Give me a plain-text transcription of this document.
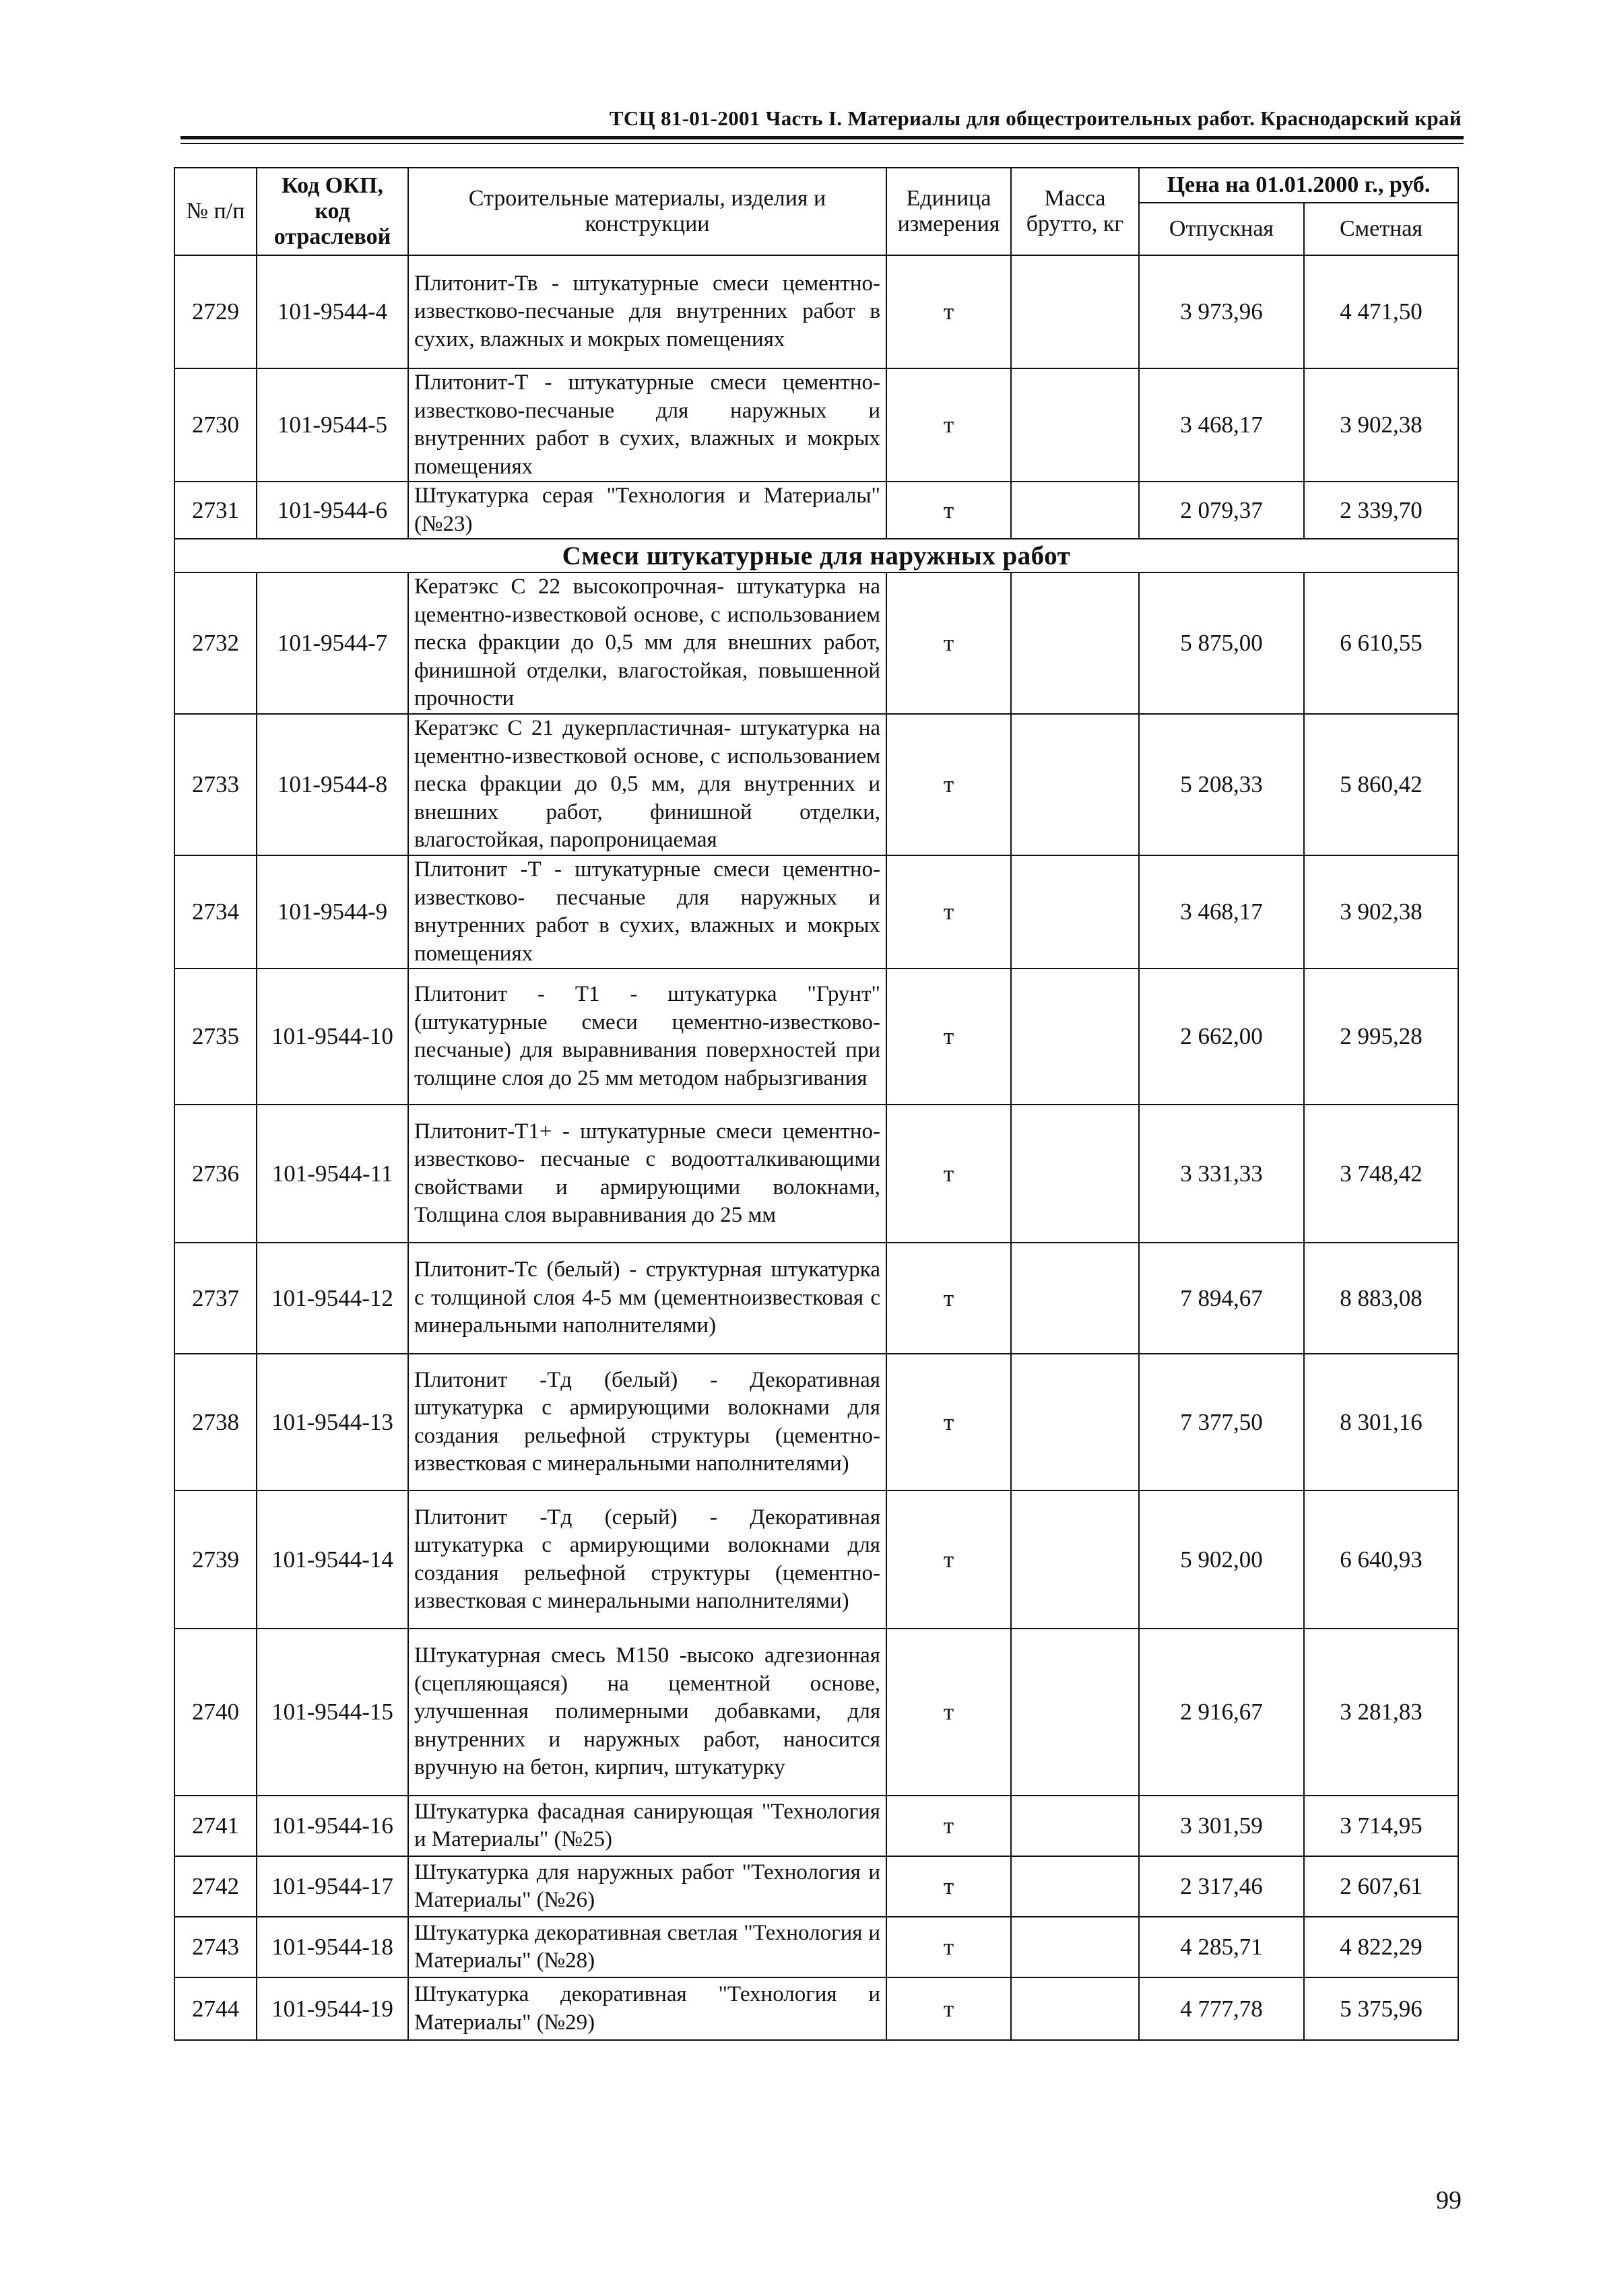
ТСЦ 81-01-2001 Часть I. Материалы для общестроительных работ. Краснодарский край
№ п/п	Код ОКП, код отраслевой	Строительные материалы, изделия и конструкции	Единица измерения	Масса брутто, кг	Цена на 01.01.2000 г., руб.	
					Отпускная	Сметная
2729	101-9544-4	Плитонит-Тв - штукатурные смеси цементно-известково-песчаные для внутренних работ в сухих, влажных и мокрых помещениях	т		3 973,96	4 471,50
2730	101-9544-5	Плитонит-Т - штукатурные смеси цементно-известково-песчаные для наружных и внутренних работ в сухих, влажных и мокрых помещениях	т		3 468,17	3 902,38
2731	101-9544-6	Штукатурка серая "Технология и Материалы" (№23)	т		2 079,37	2 339,70
Смеси штукатурные для наружных работ						
2732	101-9544-7	Кератэкс С 22 высокопрочная- штукатурка на цементно-известковой основе, с использованием песка фракции до 0,5 мм для внешних работ, финишной отделки, влагостойкая, повышенной прочности	т		5 875,00	6 610,55
2733	101-9544-8	Кератэкс С 21 дукерпластичная- штукатурка на цементно-известковой основе, с использованием песка фракции до 0,5 мм, для внутренних и внешних работ, финишной отделки, влагостойкая, паропроницаемая	т		5 208,33	5 860,42
2734	101-9544-9	Плитонит -Т - штукатурные смеси цементно-известково- песчаные для наружных и внутренних работ в сухих, влажных и мокрых помещениях	т		3 468,17	3 902,38
2735	101-9544-10	Плитонит - Т1 - штукатурка "Грунт" (штукатурные смеси цементно-известково- песчаные) для выравнивания поверхностей при толщине слоя до 25 мм методом набрызгивания	т		2 662,00	2 995,28
2736	101-9544-11	Плитонит-Т1+ - штукатурные смеси цементно-известково- песчаные с водоотталкивающими свойствами и армирующими волокнами, Толщина слоя выравнивания до 25 мм	т		3 331,33	3 748,42
2737	101-9544-12	Плитонит-Тс (белый) - структурная штукатурка с толщиной слоя 4-5 мм (цементноизвестковая с минеральными наполнителями)	т		7 894,67	8 883,08
2738	101-9544-13	Плитонит -Тд (белый) - Декоративная штукатурка с армирующими волокнами для создания рельефной структуры (цементно-известковая с минеральными наполнителями)	т		7 377,50	8 301,16
2739	101-9544-14	Плитонит -Тд (серый) - Декоративная штукатурка с армирующими волокнами для создания рельефной структуры (цементно-известковая с минеральными наполнителями)	т		5 902,00	6 640,93
2740	101-9544-15	Штукатурная смесь М150 -высоко адгезионная (сцепляющаяся) на цементной основе, улучшенная полимерными добавками, для внутренних и наружных работ, наносится вручную на бетон, кирпич, штукатурку	т		2 916,67	3 281,83
2741	101-9544-16	Штукатурка фасадная санирующая "Технология и Материалы" (№25)	т		3 301,59	3 714,95
2742	101-9544-17	Штукатурка для наружных работ "Технология и Материалы" (№26)	т		2 317,46	2 607,61
2743	101-9544-18	Штукатурка декоративная светлая "Технология и Материалы" (№28)	т		4 285,71	4 822,29
2744	101-9544-19	Штукатурка декоративная "Технология и Материалы" (№29)	т		4 777,78	5 375,96
99
